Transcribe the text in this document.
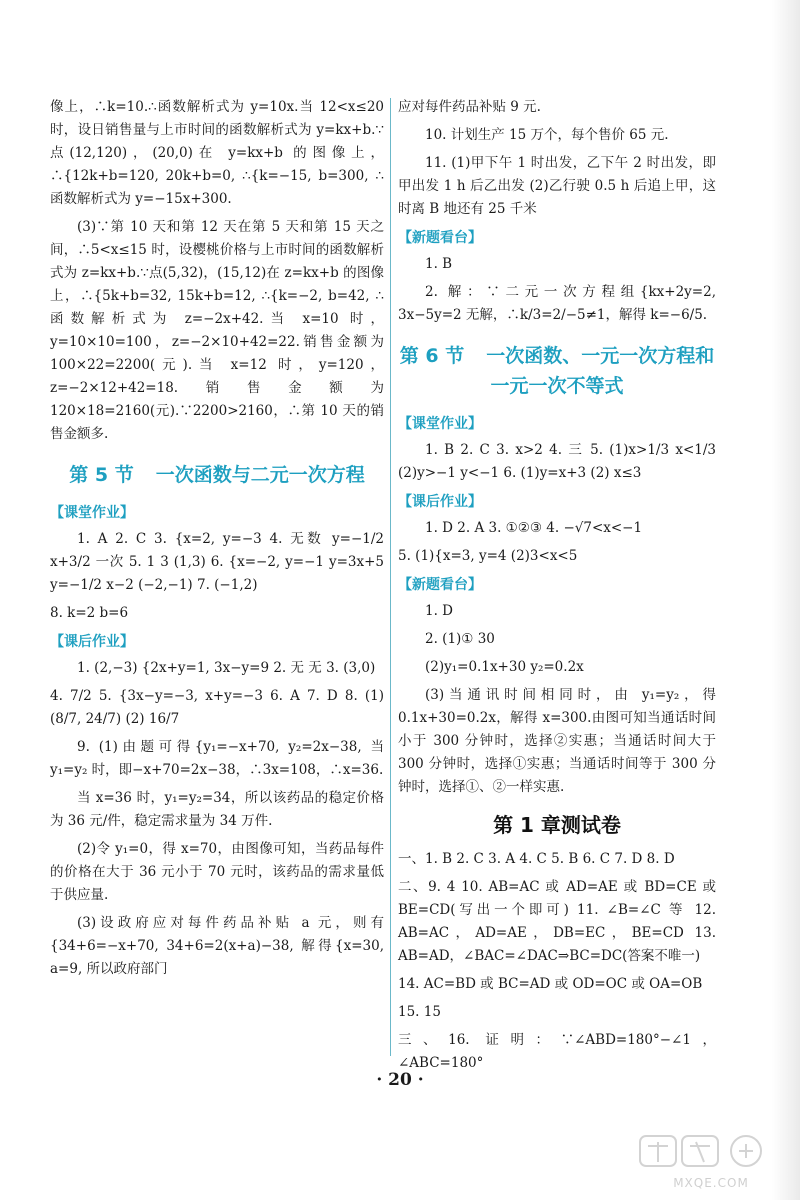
像上，∴k=10.∴函数解析式为 y=10x.当 12<x≤20 时，设日销售量与上市时间的函数解析式为 y=kx+b.∵点(12,120)，(20,0)在 y=kx+b 的图像上，∴{12k+b=120, 20k+b=0, ∴{k=−15, b=300, ∴函数解析式为 y=−15x+300.

(3)∵第 10 天和第 12 天在第 5 天和第 15 天之间，∴5<x≤15 时，设樱桃价格与上市时间的函数解析式为 z=kx+b.∵点(5,32)，(15,12)在 z=kx+b 的图像上，∴{5k+b=32, 15k+b=12, ∴{k=−2, b=42, ∴函数解析式为 z=−2x+42.当 x=10 时，y=10×10=100，z=−2×10+42=22.销售金额为 100×22=2200(元).当 x=12 时，y=120，z=−2×12+42=18.销售金额为 120×18=2160(元).∵2200>2160，∴第 10 天的销售金额多.

第 5 节 一次函数与二元一次方程
【课堂作业】

1. A 2. C 3. {x=2, y=−3 4. 无数 y=−1/2 x+3/2 一次 5. 1 3 (1,3) 6. {x=−2, y=−1 y=3x+5 y=−1/2 x−2 (−2,−1) 7. (−1,2)

8. k=2 b=6

【课后作业】

1. (2,−3) {2x+y=1, 3x−y=9 2. 无 无 3. (3,0)

4. 7/2 5. {3x−y=−3, x+y=−3 6. A 7. D 8. (1)(8/7, 24/7) (2) 16/7

9. (1)由题可得{y₁=−x+70, y₂=2x−38, 当 y₁=y₂ 时，即−x+70=2x−38，∴3x=108，∴x=36.

当 x=36 时，y₁=y₂=34，所以该药品的稳定价格为 36 元/件，稳定需求量为 34 万件.

(2)令 y₁=0，得 x=70，由图像可知，当药品每件的价格在大于 36 元小于 70 元时，该药品的需求量低于供应量.

(3)设政府应对每件药品补贴 a 元，则有{34+6=−x+70, 34+6=2(x+a)−38, 解得{x=30, a=9, 所以政府部门

应对每件药品补贴 9 元.

10. 计划生产 15 万个，每个售价 65 元.

11. (1)甲下午 1 时出发，乙下午 2 时出发，即甲出发 1 h 后乙出发 (2)乙行驶 0.5 h 后追上甲，这时离 B 地还有 25 千米

【新题看台】

1. B

2. 解：∵二元一次方程组{kx+2y=2, 3x−5y=2 无解，∴k/3=2/−5≠1，解得 k=−6/5.

第 6 节 一次函数、一元一次方程和
一元一次不等式
【课堂作业】

1. B 2. C 3. x>2 4. 三 5. (1)x>1/3 x<1/3 (2)y>−1 y<−1 6. (1)y=x+3 (2) x≤3

【课后作业】

1. D 2. A 3. ①②③ 4. −√7<x<−1

5. (1){x=3, y=4 (2)3<x<5

【新题看台】

1. D

2. (1)① 30

(2)y₁=0.1x+30 y₂=0.2x

(3)当通讯时间相同时，由 y₁=y₂，得 0.1x+30=0.2x，解得 x=300.由图可知当通话时间小于 300 分钟时，选择②实惠；当通话时间大于 300 分钟时，选择①实惠；当通话时间等于 300 分钟时，选择①、②一样实惠.

第 1 章测试卷

一、1. B 2. C 3. A 4. C 5. B 6. C 7. D 8. D

二、9. 4 10. AB=AC 或 AD=AE 或 BD=CE 或 BE=CD(写出一个即可) 11. ∠B=∠C 等 12. AB=AC，AD=AE，DB=EC，BE=CD 13. AB=AD，∠BAC=∠DAC⇒BC=DC(答案不唯一)

14. AC=BD 或 BC=AD 或 OD=OC 或 OA=OB

15. 15

三、16. 证明：∵∠ABD=180°−∠1，∠ABC=180°

· 20 ·
MXQE.COM
